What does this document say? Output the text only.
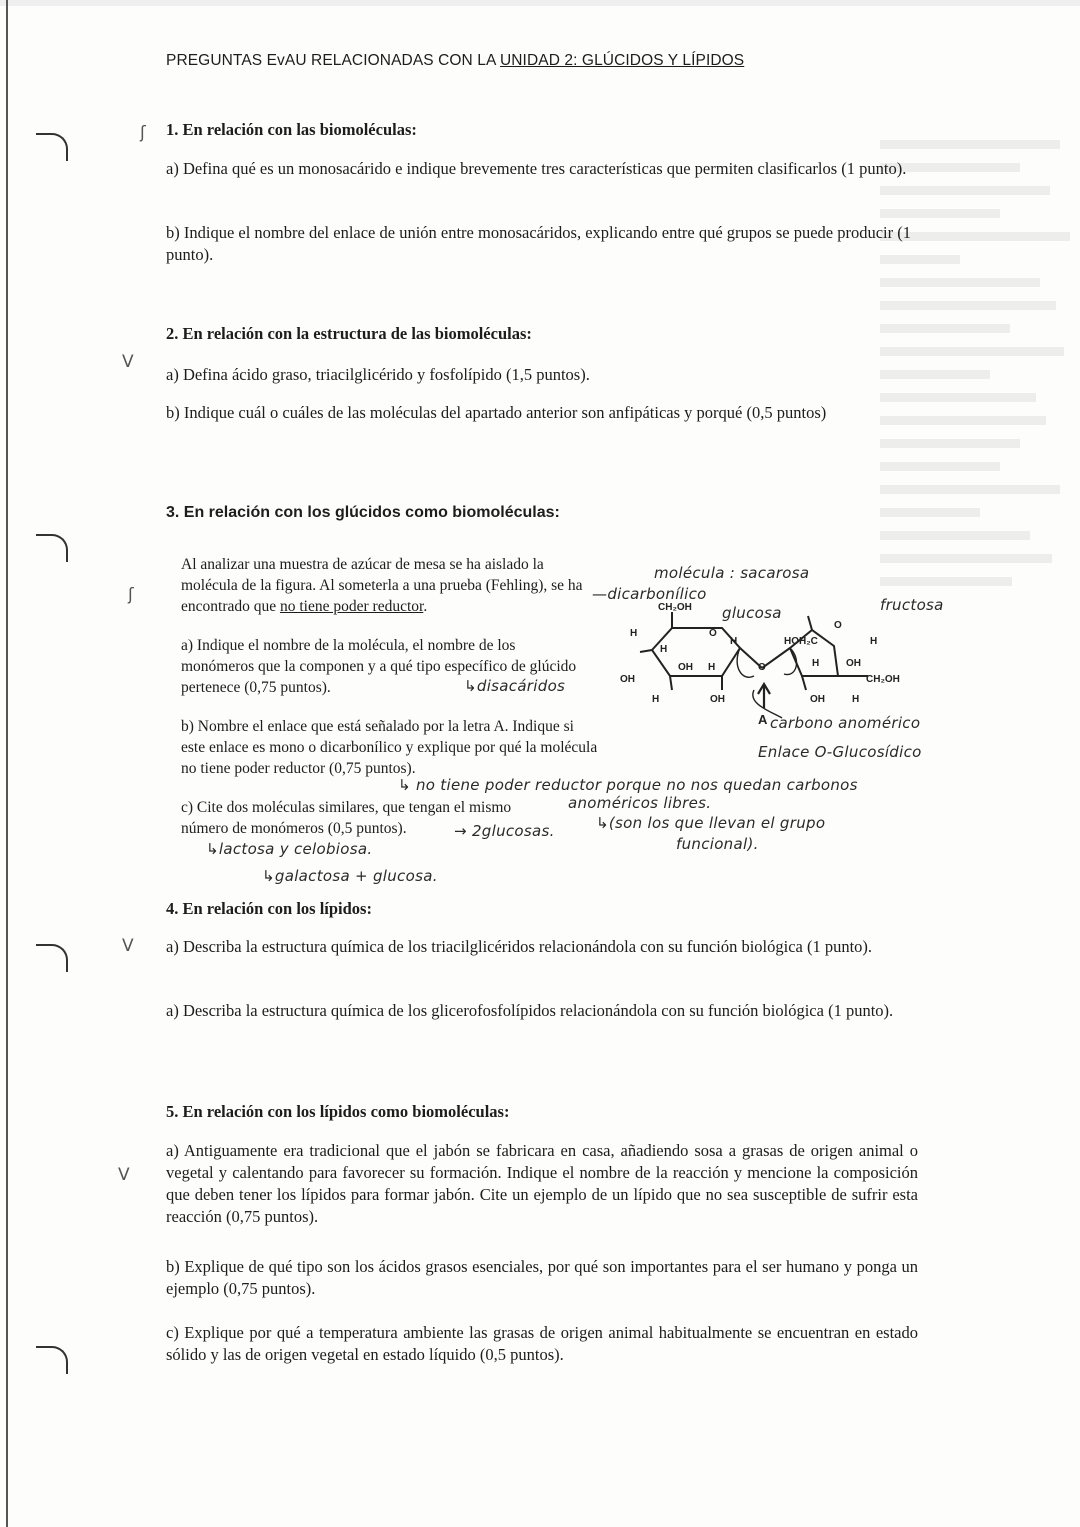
ʃ
ʃ
V
V
V
PREGUNTAS EvAU RELACIONADAS CON LA UNIDAD 2: GLÚCIDOS Y LÍPIDOS
1. En relación con las biomoléculas:
a) Defina qué es un monosacárido e indique brevemente tres características que permiten clasificarlos (1 punto).
b) Indique el nombre del enlace de unión entre monosacáridos, explicando entre qué grupos se puede producir (1 punto).
2. En relación con la estructura de las biomoléculas:
a) Defina ácido graso, triacilglicérido y fosfolípido (1,5 puntos).
b) Indique cuál o cuáles de las moléculas del apartado anterior son anfipáticas y porqué (0,5 puntos)
3. En relación con los glúcidos como biomoléculas:
Al analizar una muestra de azúcar de mesa se ha aislado la molécula de la figura. Al someterla a una prueba (Fehling), se ha encontrado que no tiene poder reductor.
a) Indique el nombre de la molécula, el nombre de los monómeros que la componen y a qué tipo específico de glúcido pertenece (0,75 puntos).
b) Nombre el enlace que está señalado por la letra A. Indique si este enlace es mono o dicarbonílico y explique por qué la molécula no tiene poder reductor (0,75 puntos).
c) Cite dos moléculas similares, que tengan el mismo número de monómeros (0,5 puntos).
CH₂OH
H
H
O
H
H
OH
OH
H	OH
O
HOH₂C
O
H
H	OH
CH₂OH
OH	H
A
molécula : sacarosa
—dicarbonílico
glucosa	fructosa
↳disacáridos
carbono anomérico
Enlace O-Glucosídico
↳ no tiene poder reductor porque no nos quedan carbonos
anoméricos libres.
↳(son los que llevan el grupo
funcional).
→ 2glucosas.
↳lactosa y celobiosa.
↳galactosa + glucosa.
4. En relación con los lípidos:
a) Describa la estructura química de los triacilglicéridos relacionándola con su función biológica (1 punto).
a) Describa la estructura química de los glicerofosfolípidos relacionándola con su función biológica (1 punto).
5. En relación con los lípidos como biomoléculas:
a) Antiguamente era tradicional que el jabón se fabricara en casa, añadiendo sosa a grasas de origen animal o vegetal y calentando para favorecer su formación. Indique el nombre de la reacción y mencione la composición que deben tener los lípidos para formar jabón. Cite un ejemplo de un lípido que no sea susceptible de sufrir esta reacción (0,75 puntos).
b) Explique de qué tipo son los ácidos grasos esenciales, por qué son importantes para el ser humano y ponga un ejemplo (0,75 puntos).
c) Explique por qué a temperatura ambiente las grasas de origen animal habitualmente se encuentran en estado sólido y las de origen vegetal en estado líquido (0,5 puntos).
